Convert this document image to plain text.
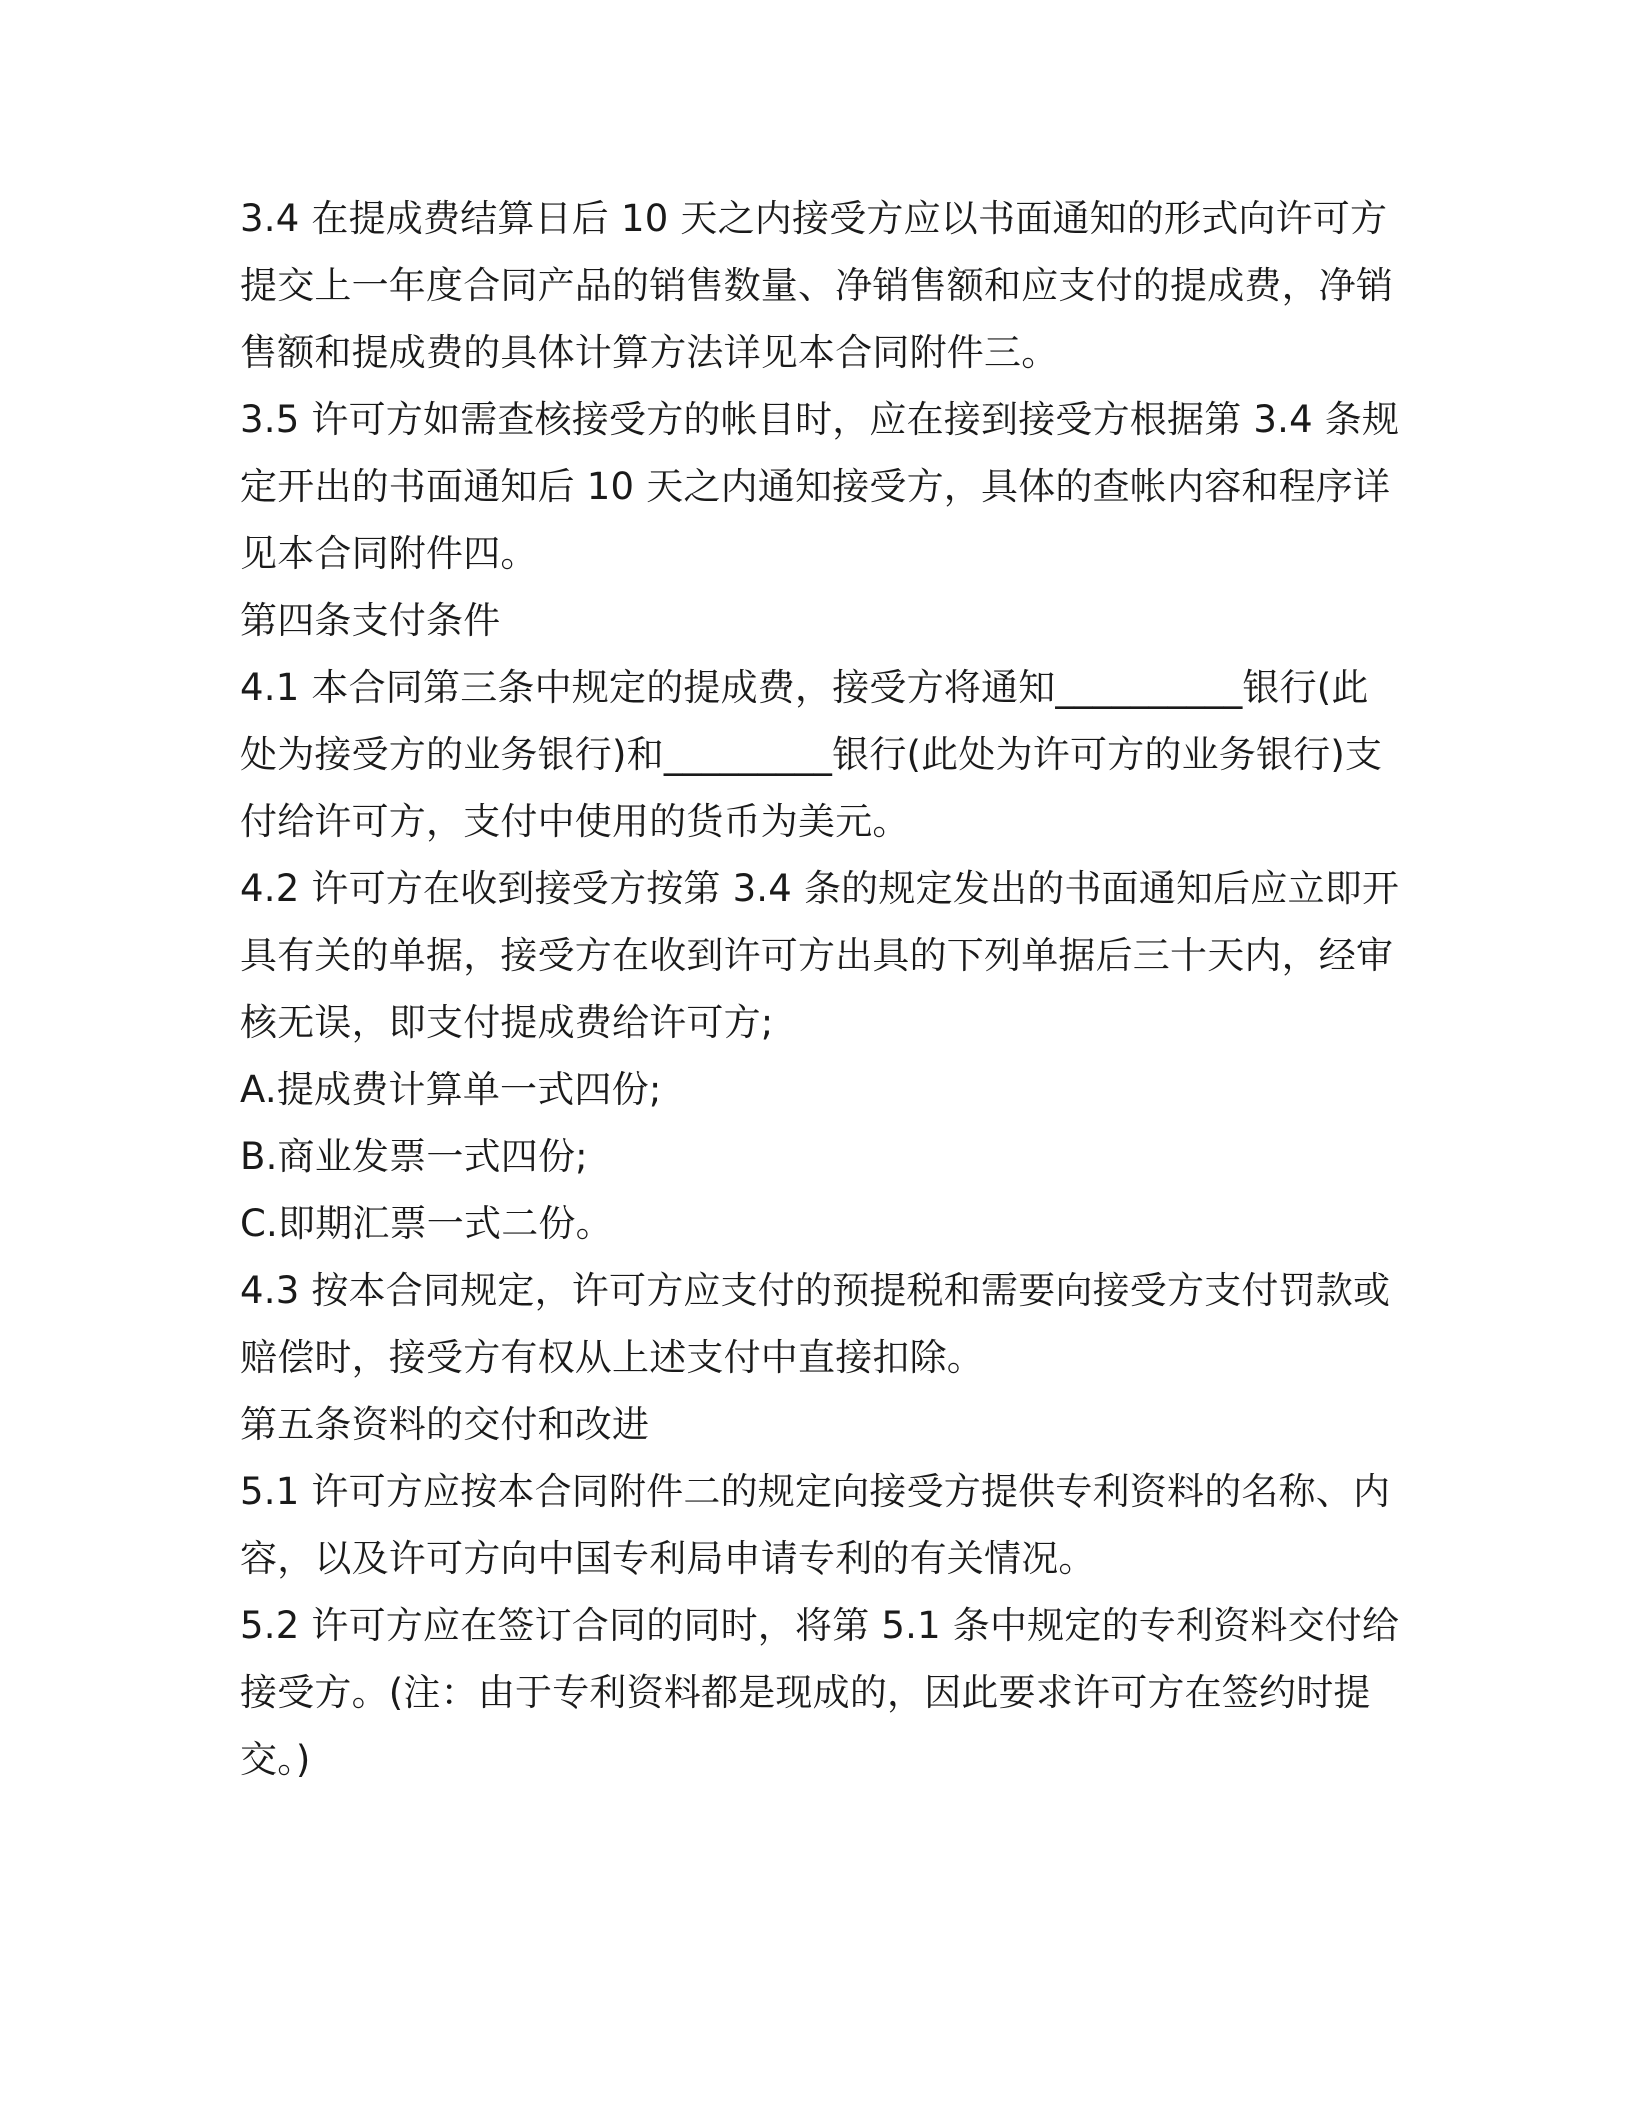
3.4 在提成费结算日后 10 天之内接受方应以书面通知的形式向许可方提交上一年度合同产品的销售数量、净销售额和应支付的提成费，净销售额和提成费的具体计算方法详见本合同附件三。

3.5 许可方如需查核接受方的帐目时，应在接到接受方根据第 3.4 条规定开出的书面通知后 10 天之内通知接受方，具体的查帐内容和程序详见本合同附件四。

第四条支付条件

4.1 本合同第三条中规定的提成费，接受方将通知__________银行(此处为接受方的业务银行)和_________银行(此处为许可方的业务银行)支付给许可方，支付中使用的货币为美元。

4.2 许可方在收到接受方按第 3.4 条的规定发出的书面通知后应立即开具有关的单据，接受方在收到许可方出具的下列单据后三十天内，经审核无误，即支付提成费给许可方;

A.提成费计算单一式四份;

B.商业发票一式四份;

C.即期汇票一式二份。

4.3 按本合同规定，许可方应支付的预提税和需要向接受方支付罚款或赔偿时，接受方有权从上述支付中直接扣除。

第五条资料的交付和改进

5.1 许可方应按本合同附件二的规定向接受方提供专利资料的名称、内容，以及许可方向中国专利局申请专利的有关情况。

5.2 许可方应在签订合同的同时，将第 5.1 条中规定的专利资料交付给接受方。(注：由于专利资料都是现成的，因此要求许可方在签约时提交。)
